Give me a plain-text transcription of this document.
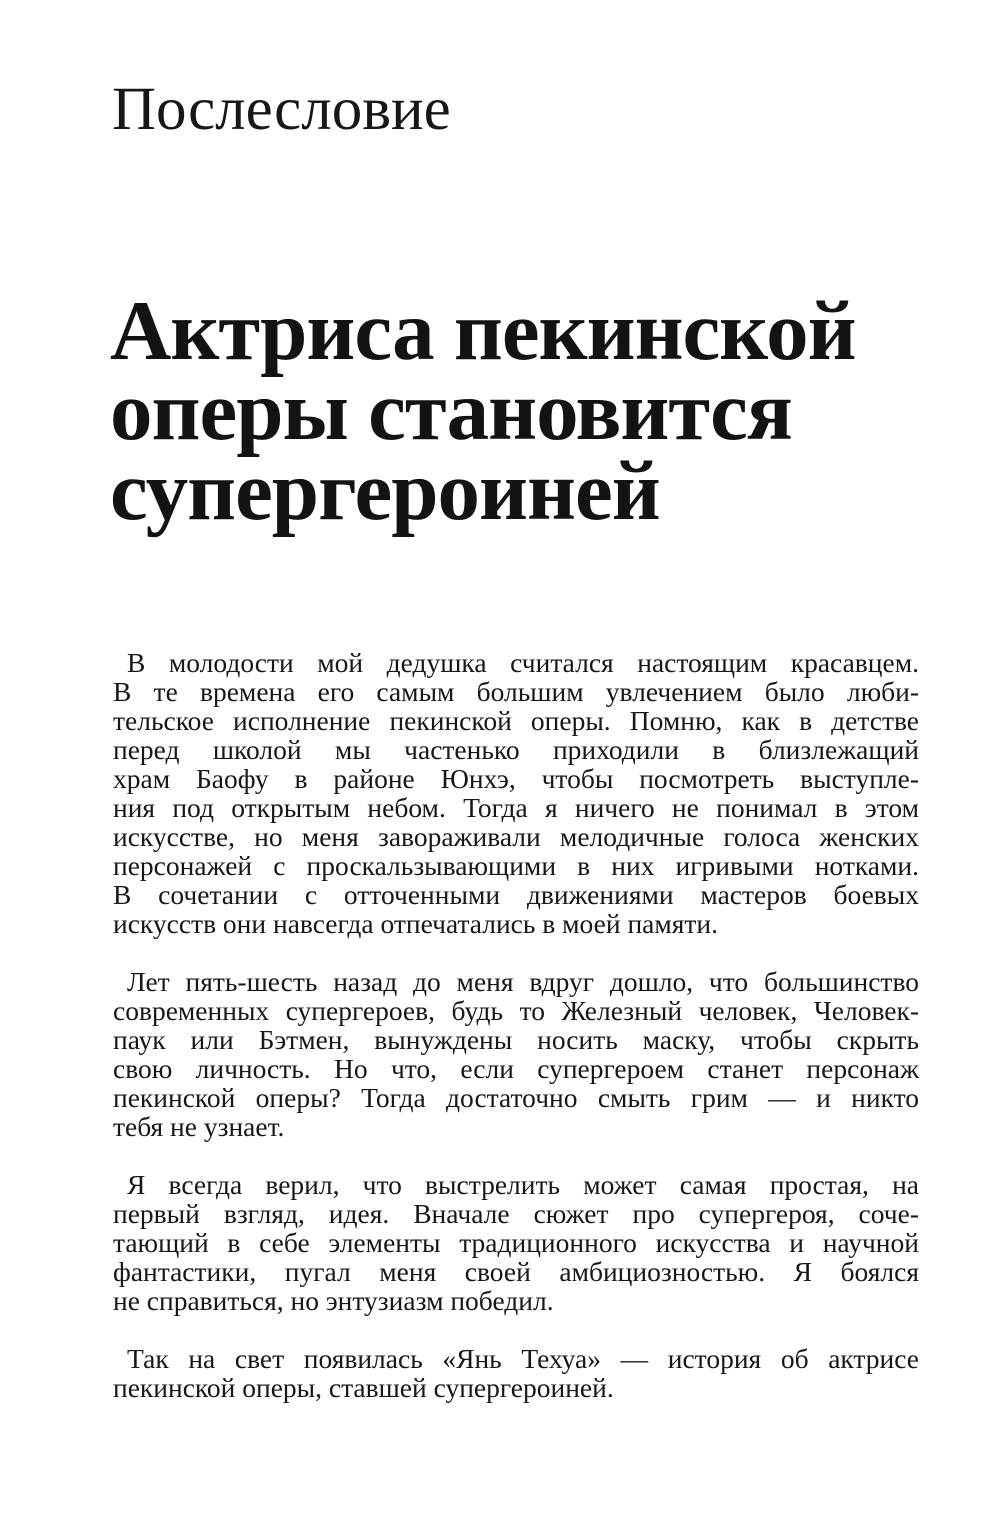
Послесловие
Актриса пекинской
оперы становится
супергероиней
В молодости мой дедушка считался настоящим красавцем.
В те времена его самым большим увлечением было люби-
тельское исполнение пекинской оперы. Помню, как в детстве
перед школой мы частенько приходили в близлежащий
храм Баофу в районе Юнхэ, чтобы посмотреть выступле-
ния под открытым небом. Тогда я ничего не понимал в этом
искусстве, но меня завораживали мелодичные голоса женских
персонажей с проскальзывающими в них игривыми нотками.
В сочетании с отточенными движениями мастеров боевых
искусств они навсегда отпечатались в моей памяти.
Лет пять-шесть назад до меня вдруг дошло, что большинство
современных супергероев, будь то Железный человек, Человек-
паук или Бэтмен, вынуждены носить маску, чтобы скрыть
свою личность. Но что, если супергероем станет персонаж
пекинской оперы? Тогда достаточно смыть грим — и никто
тебя не узнает.
Я всегда верил, что выстрелить может самая простая, на
первый взгляд, идея. Вначале сюжет про супергероя, соче-
тающий в себе элементы традиционного искусства и научной
фантастики, пугал меня своей амбициозностью. Я боялся
не справиться, но энтузиазм победил.
Так на свет появилась «Янь Техуа» — история об актрисе
пекинской оперы, ставшей супергероиней.
